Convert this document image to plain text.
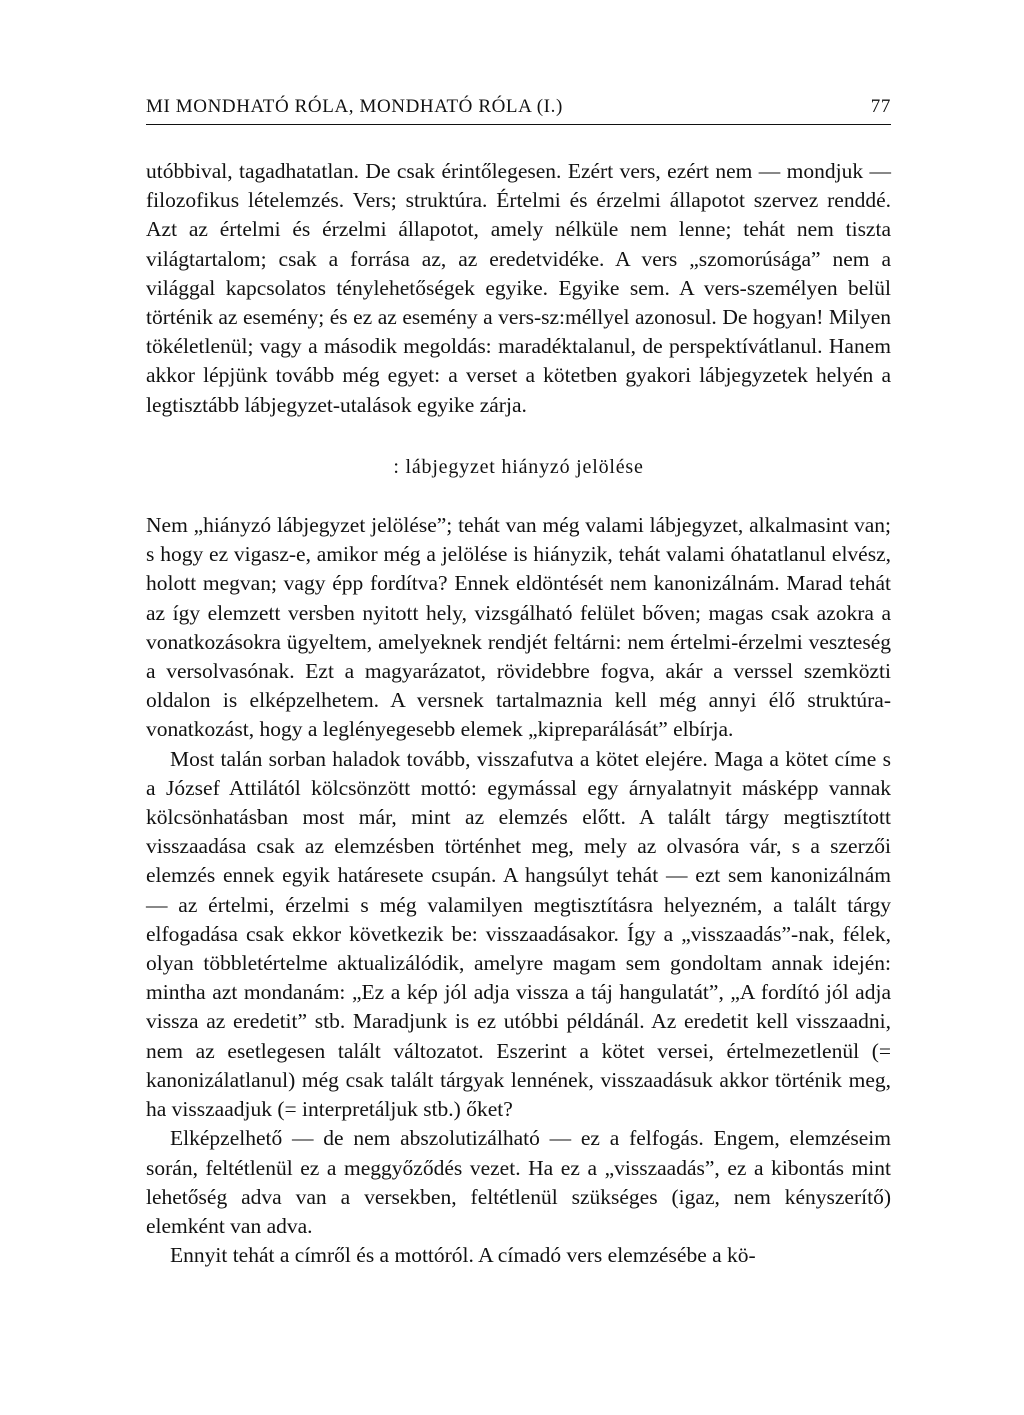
MI MONDHATÓ RÓLA, MONDHATÓ RÓLA (I.)	77

utóbbival, tagadhatatlan. De csak érintőlegesen. Ezért vers, ezért nem — mondjuk — filozofikus lételemzés. Vers; struktúra. Értelmi és érzelmi állapotot szervez renddé. Azt az értelmi és érzelmi állapotot, amely nélküle nem lenne; tehát nem tiszta világtartalom; csak a forrása az, az eredetvidéke. A vers „szomorúsága” nem a világgal kapcsolatos ténylehetőségek egyike. Egyike sem. A vers-személyen belül történik az esemény; és ez az esemény a vers-sz:méllyel azonosul. De hogyan! Milyen tökéletlenül; vagy a második megoldás: maradéktalanul, de perspektívátlanul. Hanem akkor lépjünk tovább még egyet: a verset a kötetben gyakori lábjegyzetek helyén a legtisztább lábjegyzet-utalások egyike zárja.

: lábjegyzet hiányzó jelölése

Nem „hiányzó lábjegyzet jelölése”; tehát van még valami lábjegyzet, alkalmasint van; s hogy ez vigasz-e, amikor még a jelölése is hiányzik, tehát valami óhatatlanul elvész, holott megvan; vagy épp fordítva? Ennek eldöntését nem kanonizálnám. Marad tehát az így elemzett versben nyitott hely, vizsgálható felület bőven; magas csak azokra a vonatkozásokra ügyeltem, amelyeknek rendjét feltárni: nem értelmi-érzelmi veszteség a versolvasónak. Ezt a magyarázatot, rövidebbre fogva, akár a verssel szemközti oldalon is elképzelhetem. A versnek tartalmaznia kell még annyi élő struktúra-vonatkozást, hogy a leglényegesebb elemek „kipreparálását” elbírja.

Most talán sorban haladok tovább, visszafutva a kötet elejére. Maga a kötet címe s a József Attilától kölcsönzött mottó: egymással egy árnyalatnyit másképp vannak kölcsönhatásban most már, mint az elemzés előtt. A talált tárgy megtisztított visszaadása csak az elemzésben történhet meg, mely az olvasóra vár, s a szerzői elemzés ennek egyik határesete csupán. A hangsúlyt tehát — ezt sem kanonizálnám — az értelmi, érzelmi s még valamilyen megtisztításra helyezném, a talált tárgy elfogadása csak ekkor következik be: visszaadásakor. Így a „visszaadás”-nak, félek, olyan többletértelme aktualizálódik, amelyre magam sem gondoltam annak idején: mintha azt mondanám: „Ez a kép jól adja vissza a táj hangulatát”, „A fordító jól adja vissza az eredetit” stb. Maradjunk is ez utóbbi példánál. Az eredetit kell visszaadni, nem az esetlegesen talált változatot. Eszerint a kötet versei, értelmezetlenül (= kanonizálatlanul) még csak talált tárgyak lennének, visszaadásuk akkor történik meg, ha visszaadjuk (= interpretáljuk stb.) őket?

Elképzelhető — de nem abszolutizálható — ez a felfogás. Engem, elemzéseim során, feltétlenül ez a meggyőződés vezet. Ha ez a „visszaadás”, ez a kibontás mint lehetőség adva van a versekben, feltétlenül szükséges (igaz, nem kényszerítő) elemként van adva.

Ennyit tehát a címről és a mottóról. A címadó vers elemzésébe a kö-
